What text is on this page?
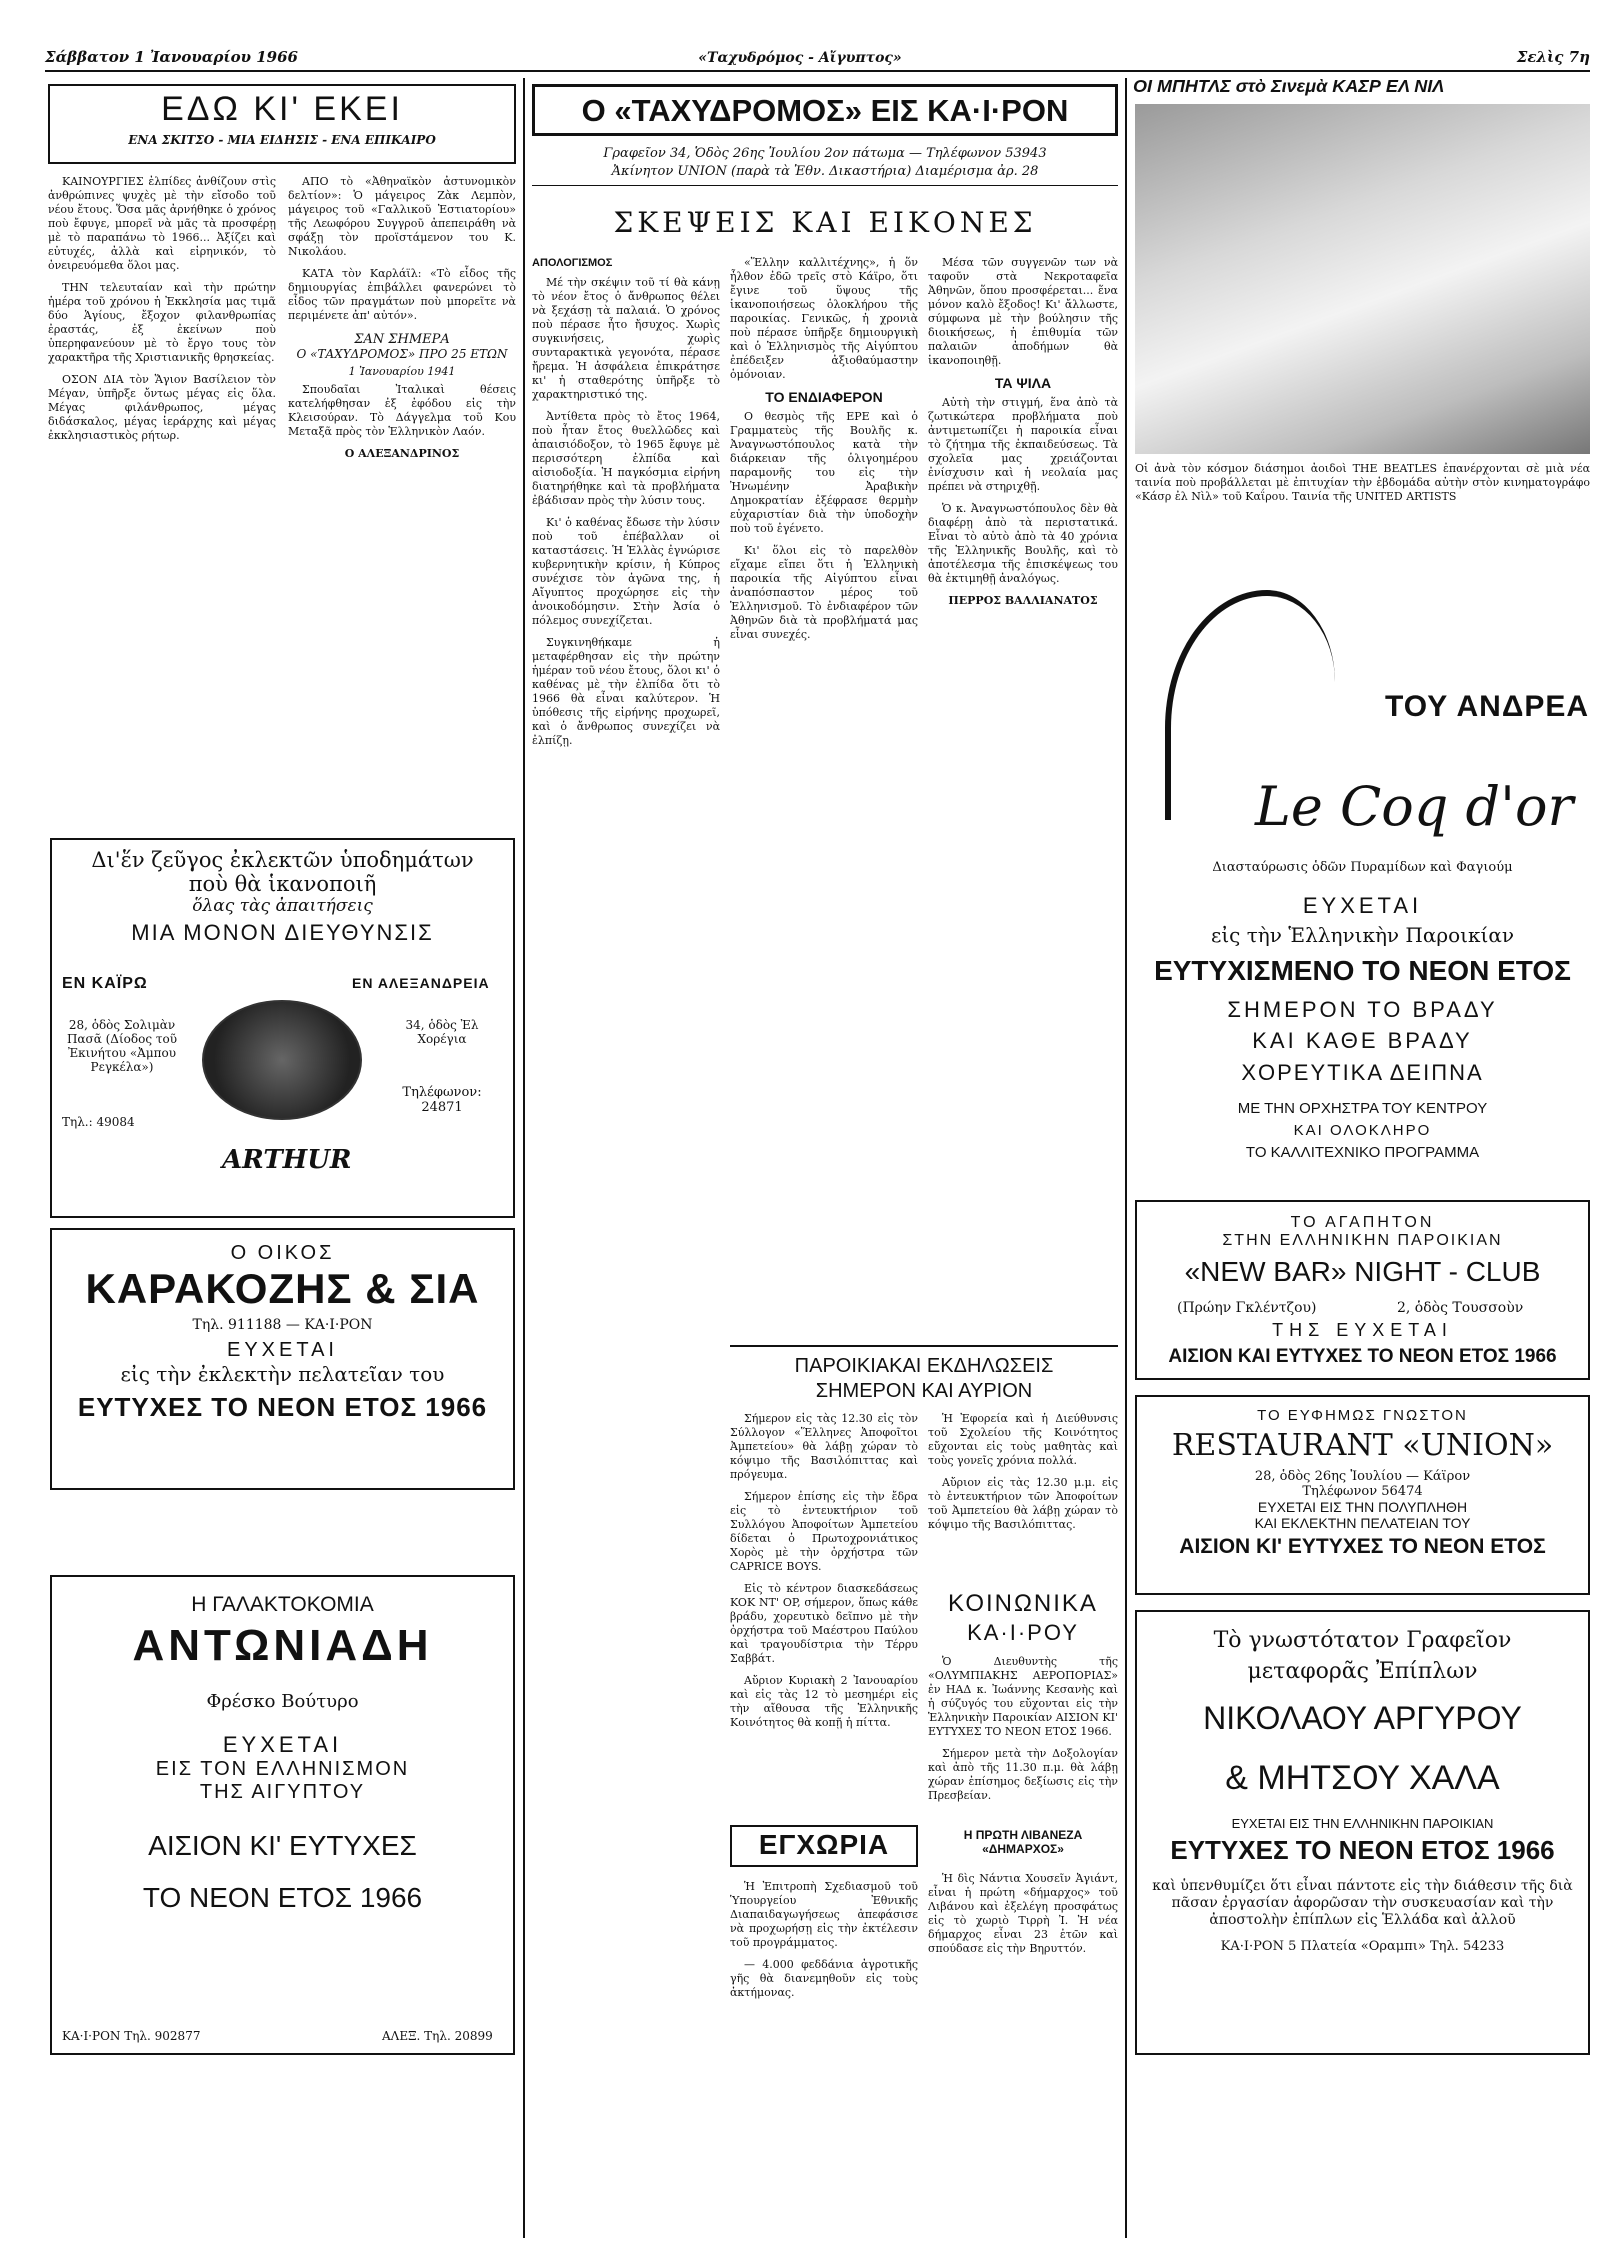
Σάββατον 1 Ἰανουαρίου 1966	«Ταχυδρόμος - Αἴγυπτος»	Σελὶς 7η
ΕΔΩ ΚΙ' ΕΚΕΙ
ΕΝΑ ΣΚΙΤΣΟ - ΜΙΑ ΕΙΔΗΣΙΣ - ΕΝΑ ΕΠΙΚΑΙΡΟ

ΚΑΙΝΟΥΡΓΙΕΣ ἐλπίδες ἀνθίζουν στὶς ἀνθρώπινες ψυχὲς μὲ τὴν εἴσοδο τοῦ νέου ἔτους. Ὅσα μᾶς ἀρνήθηκε ὁ χρόνος ποὺ ἔφυγε, μπορεῖ νὰ μᾶς τὰ προσφέρῃ μὲ τὸ παραπάνω τὸ 1966... Ἀξίζει καὶ εὐτυχές, ἀλλὰ καὶ εἰρηνικόν, τὸ ὀνειρευόμεθα ὅλοι μας.

ΤΗΝ τελευταίαν καὶ τὴν πρώτην ἡμέρα τοῦ χρόνου ἡ Ἐκκλησία μας τιμᾶ δύο Ἁγίους, ἔξοχον φιλανθρωπίας ἐραστάς, ἐξ ἐκείνων ποὺ ὑπερηφανεύουν μὲ τὸ ἔργο τους τὸν χαρακτῆρα τῆς Χριστιανικῆς θρησκείας.

ΟΣΟΝ ΔΙΑ τὸν Ἅγιον Βασίλειον τὸν Μέγαν, ὑπῆρξε ὄντως μέγας εἰς ὅλα. Μέγας φιλάνθρωπος, μέγας διδάσκαλος, μέγας ἱεράρχης καὶ μέγας ἐκκλησιαστικὸς ρήτωρ.

ΑΠΟ τὸ «Ἀθηναϊκὸν ἀστυνομικὸν δελτίον»: Ὁ μάγειρος Ζὰκ Λεμπὸν, μάγειρος τοῦ «Γαλλικοῦ Ἑστιατορίου» τῆς Λεωφόρου Συγγροῦ ἀπεπειράθη νὰ σφάξῃ τὸν προϊστάμενον του Κ. Νικολάου.

ΚΑΤΑ τὸν Καρλάϊλ: «Τὸ εἶδος τῆς δημιουργίας ἐπιβάλλει φανερώνει τὸ εἶδος τῶν πραγμάτων ποὺ μπορεῖτε νὰ περιμένετε ἀπ' αὐτόν».

ΣΑΝ ΣΗΜΕΡΑ
Ο «ΤΑΧΥΔΡΟΜΟΣ» ΠΡΟ 25 ΕΤΩΝ
1 Ἰανουαρίου 1941

Σπουδαῖαι Ἰταλικαὶ θέσεις κατελήφθησαν ἐξ ἐφόδου εἰς τὴν Κλεισούραν. Τὸ Δάγγελμα τοῦ Κου Μεταξᾶ πρὸς τὸν Ἑλληνικὸν Λαόν.

Ο ΑΛΕΞΑΝΔΡΙΝΟΣ
Δι'ἕν ζεῦγος ἐκλεκτῶν ὑποδημάτων
ποὺ θὰ ἱκανοποιῆ
ὅλας τὰς ἀπαιτήσεις
ΜΙΑ ΜΟΝΟΝ ΔΙΕΥΘΥΝΣΙΣ
ΕΝ ΚΑΪΡΩ	ΕΝ ΑΛΕΞΑΝΔΡΕΙΑ
28, ὁδὸς Σολιμὰν Πασᾶ (Δίοδος τοῦ Ἐκινήτου «Ἀμπου Ρεγκέλα»)
34, ὁδὸς Ἐλ Χορέγια
Τηλ.: 49084
Τηλέφωνον: 24871
ARTHUR
Ο ΟΙΚΟΣ
ΚΑΡΑΚΟΖΗΣ & ΣΙΑ
Τηλ. 911188 — ΚΑ·Ι·ΡΟΝ
ΕΥΧΕΤΑΙ
εἰς τὴν ἐκλεκτὴν πελατεῖαν του
ΕΥΤΥΧΕΣ ΤΟ ΝΕΟΝ ΕΤΟΣ 1966
Η ΓΑΛΑΚΤΟΚΟΜΙΑ
ΑΝΤΩΝΙΑΔΗ
Φρέσκο Βούτυρο
ΕΥΧΕΤΑΙ
ΕΙΣ ΤΟΝ ΕΛΛΗΝΙΣΜΟΝ
ΤΗΣ ΑΙΓΥΠΤΟΥ
ΑΙΣΙΟΝ ΚΙ' ΕΥΤΥΧΕΣ
ΤΟ ΝΕΟΝ ΕΤΟΣ 1966
ΚΑ·Ι·ΡΟΝ Τηλ. 902877	ΑΛΕΞ. Τηλ. 20899
Ο «ΤΑΧΥΔΡΟΜΟΣ» ΕΙΣ ΚΑ·Ι·ΡΟΝ
Γραφεῖον 34, Ὁδὸς 26ης Ἰουλίου 2ον πάτωμα — Τηλέφωνον 53943
Ἀκίνητον UNION (παρὰ τὰ Ἐθν. Δικαστήρια) Διαμέρισμα ἀρ. 28
ΣΚΕΨΕΙΣ ΚΑΙ ΕΙΚΟΝΕΣ
ΑΠΟΛΟΓΙΣΜΟΣ

Μέ τὴν σκέψιν τοῦ τί θὰ κάνῃ τὸ νέον ἔτος ὁ ἄνθρωπος θέλει νὰ ξεχάσῃ τὰ παλαιά. Ὁ χρόνος ποὺ πέρασε ἦτο ἤσυχος. Χωρὶς συγκινήσεις, χωρὶς συνταρακτικὰ γεγονότα, πέρασε ἤρεμα. Ἡ ἀσφάλεια ἐπικράτησε κι' ἡ σταθερότης ὑπῆρξε τὸ χαρακτηριστικό της.

Ἀντίθετα πρὸς τὸ ἔτος 1964, ποὺ ἦταν ἔτος θυελλῶδες καὶ ἀπαισιόδοξον, τὸ 1965 ἔφυγε μὲ περισσότερη ἐλπίδα καὶ αἰσιοδοξία. Ἡ παγκόσμια εἰρήνη διατηρήθηκε καὶ τὰ προβλήματα ἐβάδισαν πρὸς τὴν λύσιν τους.

Κι' ὁ καθένας ἔδωσε τὴν λύσιν ποὺ τοῦ ἐπέβαλλαν οἱ καταστάσεις. Ἡ Ἑλλὰς ἐγνώρισε κυβερνητικὴν κρίσιν, ἡ Κύπρος συνέχισε τὸν ἀγῶνα της, ἡ Αἴγυπτος προχώρησε εἰς τὴν ἀνοικοδόμησιν. Στὴν Ἀσία ὁ πόλεμος συνεχίζεται.

Συγκινηθήκαμε ἡ μεταφέρθησαν εἰς τὴν πρώτην ἡμέραν τοῦ νέου ἔτους, ὅλοι κι' ὁ καθένας μὲ τὴν ἐλπίδα ὅτι τὸ 1966 θὰ εἶναι καλύτερον. Ἡ ὑπόθεσις τῆς εἰρήνης προχωρεῖ, καὶ ὁ ἄνθρωπος συνεχίζει νὰ ἐλπίζῃ.

«Ἕλλην καλλιτέχνης», ἡ ὅν ἦλθον ἐδῶ τρεῖς στὸ Κάϊρο, ὅτι ἔγινε τοῦ ὕψους τῆς ἱκανοποιήσεως ὁλοκλήρου τῆς παροικίας. Γενικῶς, ἡ χρονιὰ ποὺ πέρασε ὑπῆρξε δημιουργικὴ καὶ ὁ Ἑλληνισμὸς τῆς Αἰγύπτου ἐπέδειξεν ἀξιοθαύμαστην ὁμόνοιαν.

ΤΟ ΕΝΔΙΑΦΕΡΟΝ

Ο θεσμὸς τῆς ΕΡΕ καὶ ὁ Γραμματεὺς τῆς Βουλῆς κ. Ἀναγνωστόπουλος κατὰ τὴν διάρκειαν τῆς ὁλιγοημέρου παραμονῆς του εἰς τὴν Ἠνωμένην Ἀραβικὴν Δημοκρατίαν ἐξέφρασε θερμὴν εὐχαριστίαν διὰ τὴν ὑποδοχὴν ποὺ τοῦ ἐγένετο.

Κι' ὅλοι εἰς τὸ παρελθὸν εἴχαμε εἴπει ὅτι ἡ Ἑλληνικὴ παροικία τῆς Αἰγύπτου εἶναι ἀναπόσπαστον μέρος τοῦ Ἑλληνισμοῦ. Τὸ ἐνδιαφέρον τῶν Ἀθηνῶν διὰ τὰ προβλήματά μας εἶναι συνεχές.

Μέσα τῶν συγγενῶν των νὰ ταφοῦν στὰ Νεκροταφεῖα Ἀθηνῶν, ὅπου προσφέρεται... ἕνα μόνον καλὸ ἔξοδος! Κι' ἄλλωστε, σύμφωνα μὲ τὴν βούλησιν τῆς διοικήσεως, ἡ ἐπιθυμία τῶν παλαιῶν ἀποδήμων θὰ ἱκανοποιηθῇ.

ΤΑ ΨΙΛΑ

Αὐτὴ τὴν στιγμή, ἕνα ἀπὸ τὰ ζωτικώτερα προβλήματα ποὺ ἀντιμετωπίζει ἡ παροικία εἶναι τὸ ζήτημα τῆς ἐκπαιδεύσεως. Τὰ σχολεῖα μας χρειάζονται ἐνίσχυσιν καὶ ἡ νεολαία μας πρέπει νὰ στηριχθῇ.

Ὁ κ. Ἀναγνωστόπουλος δὲν θὰ διαφέρῃ ἀπὸ τὰ περιστατικά. Εἶναι τὸ αὐτὸ ἀπὸ τὰ 40 χρόνια τῆς Ἑλληνικῆς Βουλῆς, καὶ τὸ ἀποτέλεσμα τῆς ἐπισκέψεως του θὰ ἐκτιμηθῇ ἀναλόγως.

ΠΕΡΡΟΣ ΒΑΛΛΙΑΝΑΤΟΣ
ΠΑΡΟΙΚΙΑΚΑΙ ΕΚΔΗΛΩΣΕΙΣ
ΣΗΜΕΡΟΝ ΚΑΙ ΑΥΡΙΟΝ

Σήμερον εἰς τὰς 12.30 εἰς τὸν Σύλλογον «Ἕλληνες Ἀποφοῖτοι Ἀμπετείου» θὰ λάβῃ χώραν τὸ κόψιμο τῆς Βασιλόπιττας καὶ πρόγευμα.

Σήμερον ἐπίσης εἰς τὴν ἔδρα εἰς τὸ ἐντευκτήριον τοῦ Συλλόγου Ἀποφοίτων Ἀμπετείου δίδεται ὁ Πρωτοχρονιάτικος Χορὸς μὲ τὴν ὀρχήστρα τῶν CAPRICE BOYS.

Εἰς τὸ κέντρον διασκεδάσεως KOK NT' OP, σήμερον, ὅπως κάθε βράδυ, χορευτικὸ δεῖπνο μὲ τὴν ὀρχήστρα τοῦ Μαέστρου Παύλου καὶ τραγουδίστρια τὴν Τέρρυ Σαββάτ.

Αὔριον Κυριακὴ 2 Ἰανουαρίου καὶ εἰς τὰς 12 τὸ μεσημέρι εἰς τὴν αἴθουσα τῆς Ἑλληνικῆς Κοινότητος θὰ κοπῇ ἡ πίττα.

Ἡ Ἐφορεία καὶ ἡ Διεύθυνσις τοῦ Σχολείου τῆς Κοινότητος εὔχονται εἰς τοὺς μαθητὰς καὶ τοὺς γονεῖς χρόνια πολλά.

Αὔριον εἰς τὰς 12.30 μ.μ. εἰς τὸ ἐντευκτήριον τῶν Ἀποφοίτων τοῦ Ἀμπετείου θὰ λάβῃ χώραν τὸ κόψιμο τῆς Βασιλόπιττας.

ΚΟΙΝΩΝΙΚΑ
ΚΑ·Ι·ΡΟΥ

Ὁ Διευθυντὴς τῆς «ΟΛΥΜΠΙΑΚΗΣ ΑΕΡΟΠΟΡΙΑΣ» ἐν ΗΑΔ κ. Ἰωάννης Κεσανὴς καὶ ἡ σύζυγός του εὔχονται εἰς τὴν Ἑλληνικὴν Παροικίαν ΑΙΣΙΟΝ ΚΙ' ΕΥΤΥΧΕΣ ΤΟ ΝΕΟΝ ΕΤΟΣ 1966.

Σήμερον μετὰ τὴν Δοξολογίαν καὶ ἀπὸ τῆς 11.30 π.μ. θὰ λάβῃ χώραν ἐπίσημος δεξίωσις εἰς τὴν Πρεσβείαν.

ΕΓΧΩΡΙΑ

Ἡ Ἐπιτροπὴ Σχεδιασμοῦ τοῦ Ὑπουργείου Ἐθνικῆς Διαπαιδαγωγήσεως ἀπεφάσισε νὰ προχωρήσῃ εἰς τὴν ἐκτέλεσιν τοῦ προγράμματος.

— 4.000 φεδδάνια ἀγροτικῆς γῆς θὰ διανεμηθοῦν εἰς τοὺς ἀκτήμονας.

Η ΠΡΩΤΗ ΛΙΒΑΝΕΖΑ «ΔΗΜΑΡΧΟΣ»

Ἡ δὶς Νάντια Χουσεῖν Ἀγιάντ, εἶναι ἡ πρώτη «δήμαρχος» τοῦ Λιβάνου καὶ ἐξελέγη προσφάτως εἰς τὸ χωριὸ Τιρρὴ Ἰ. Ἡ νέα δήμαρχος εἶναι 23 ἐτῶν καὶ σπούδασε εἰς τὴν Βηρυττόν.

ΟΙ ΜΠΗΤΛΣ στὸ Σινεμὰ ΚΑΣΡ ΕΛ ΝΙΛ
Οἱ ἀνὰ τὸν κόσμον διάσημοι ἀοιδοὶ THE BEATLES ἐπανέρχονται σὲ μιὰ νέα ταινία ποὺ προβάλλεται μὲ ἐπιτυχίαν τὴν ἑβδομάδα αὐτὴν στὸν κινηματογράφο «Κάσρ ἐλ Νὶλ» τοῦ Καΐρου. Ταινία τῆς UNITED ARTISTS
ΤΟΥ ΑΝΔΡΕΑ
Le Coq d'or
Διασταύρωσις ὁδῶν Πυραμίδων καὶ Φαγιούμ
ΕΥΧΕΤΑΙ
εἰς τὴν Ἑλληνικὴν Παροικίαν
ΕΥΤΥΧΙΣΜΕΝΟ ΤΟ ΝΕΟΝ ΕΤΟΣ
ΣΗΜΕΡΟΝ ΤΟ ΒΡΑΔΥ
ΚΑΙ ΚΑΘΕ ΒΡΑΔΥ
ΧΟΡΕΥΤΙΚΑ ΔΕΙΠΝΑ
ΜΕ ΤΗΝ ΟΡΧΗΣΤΡΑ ΤΟΥ ΚΕΝΤΡΟΥ
ΚΑΙ ΟΛΟΚΛΗΡΟ
ΤΟ ΚΑΛΛΙΤΕΧΝΙΚΟ ΠΡΟΓΡΑΜΜΑ
ΤΟ ΑΓΑΠΗΤΟΝ
ΣΤΗΝ ΕΛΛΗΝΙΚΗΝ ΠΑΡΟΙΚΙΑΝ
«NEW BAR» NIGHT - CLUB
(Πρώην Γκλέντζου)	2, ὁδὸς Τουσσοὺν
ΤΗΣ ΕΥΧΕΤΑΙ
ΑΙΣΙΟΝ ΚΑΙ ΕΥΤΥΧΕΣ ΤΟ ΝΕΟΝ ΕΤΟΣ 1966
ΤΟ ΕΥΦΗΜΩΣ ΓΝΩΣΤΟΝ
RESTAURANT «UNION»
28, ὁδὸς 26ης Ἰουλίου — Κάϊρον
Τηλέφωνον 56474
ΕΥΧΕΤΑΙ ΕΙΣ ΤΗΝ ΠΟΛΥΠΛΗΘΗ
ΚΑΙ ΕΚΛΕΚΤΗΝ ΠΕΛΑΤΕΙΑΝ ΤΟΥ
ΑΙΣΙΟΝ ΚΙ' ΕΥΤΥΧΕΣ ΤΟ ΝΕΟΝ ΕΤΟΣ
Τὸ γνωστότατον Γραφεῖον
μεταφορᾶς Ἐπίπλων
ΝΙΚΟΛΑΟΥ ΑΡΓΥΡΟΥ
& ΜΗΤΣΟΥ ΧΑΛΑ
ΕΥΧΕΤΑΙ ΕΙΣ ΤΗΝ ΕΛΛΗΝΙΚΗΝ ΠΑΡΟΙΚΙΑΝ
ΕΥΤΥΧΕΣ ΤΟ ΝΕΟΝ ΕΤΟΣ 1966
καὶ ὑπενθυμίζει ὅτι εἶναι πάντοτε εἰς τὴν διάθεσιν τῆς διὰ πᾶσαν ἐργασίαν ἀφορῶσαν τὴν συσκευασίαν καὶ τὴν ἀποστολὴν ἐπίπλων εἰς Ἑλλάδα καὶ ἀλλοῦ
ΚΑ·Ι·ΡΟΝ 5 Πλατεία «Οραμπι» Τηλ. 54233
